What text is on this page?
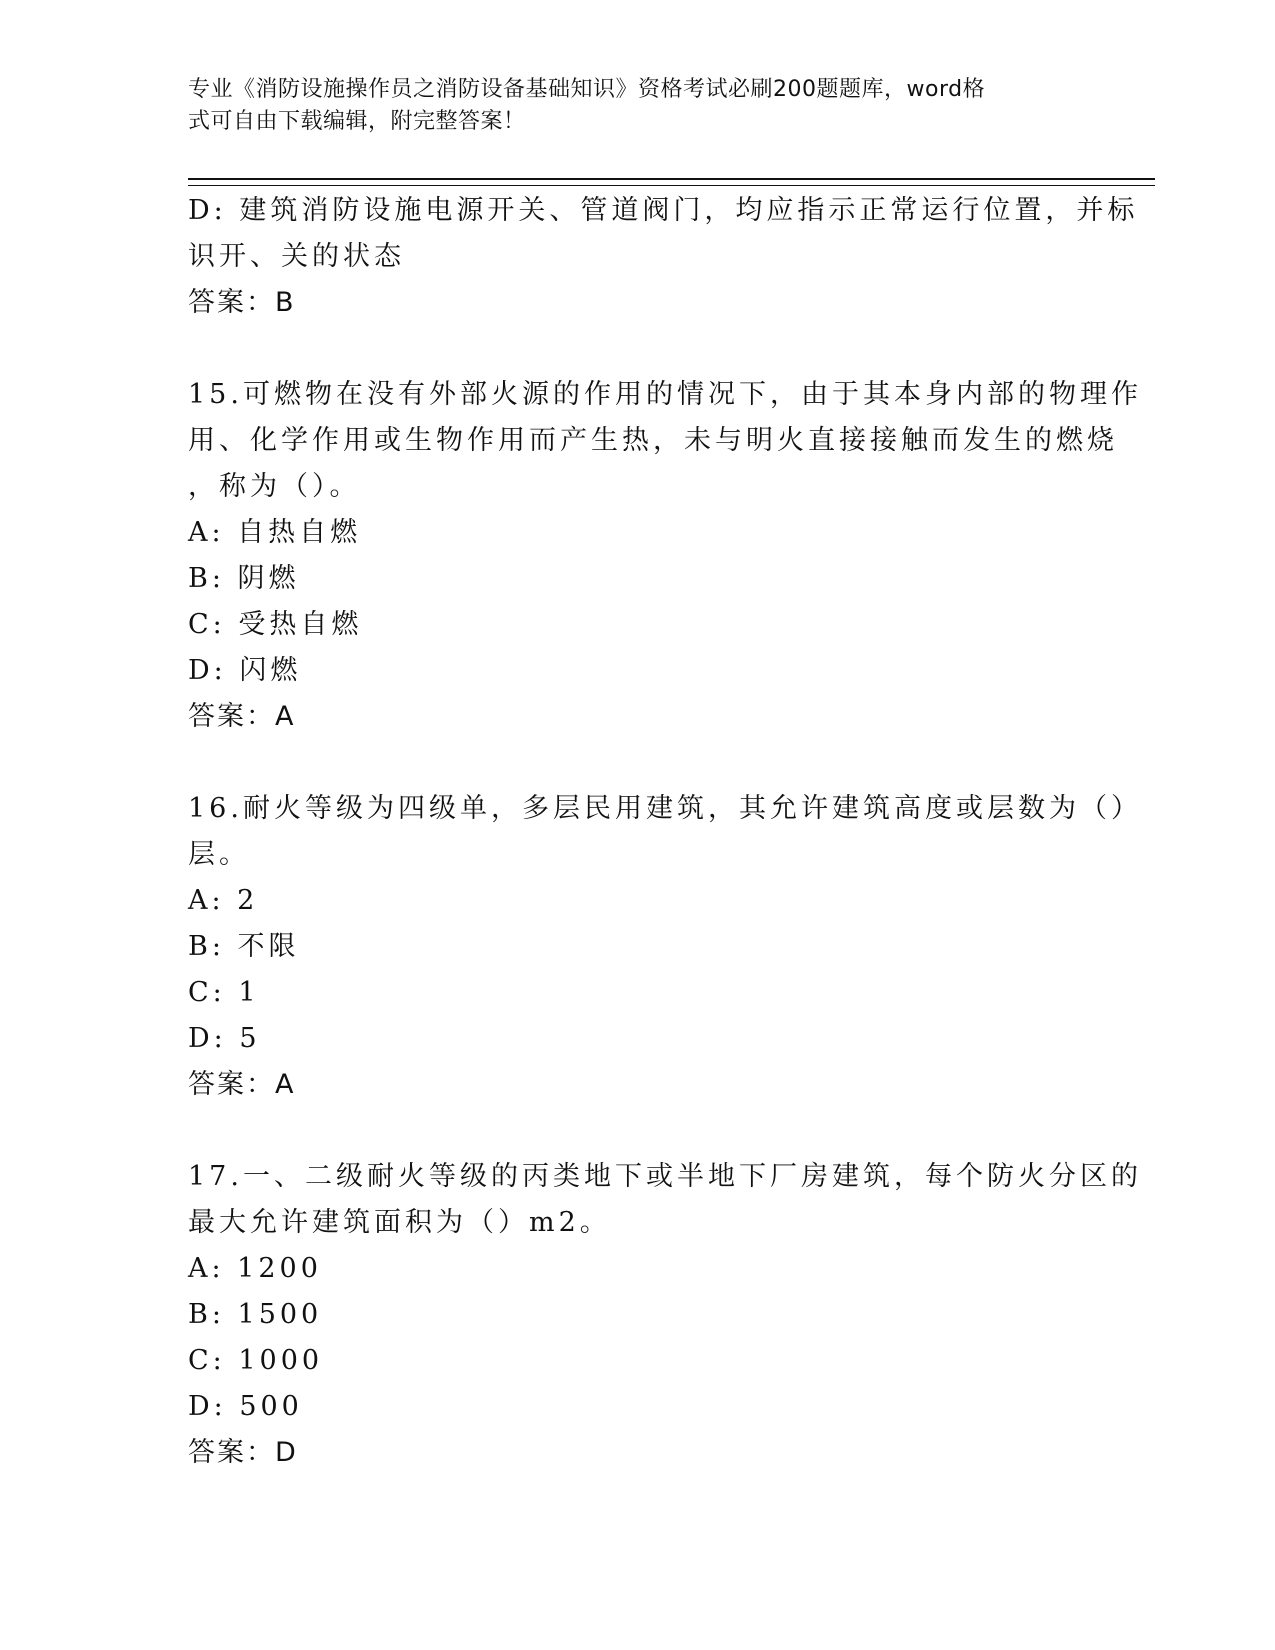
专业《消防设施操作员之消防设备基础知识》资格考试必刷200题题库，word格
式可自由下载编辑，附完整答案！
D: 建筑消防设施电源开关、管道阀门，均应指示正常运行位置，并标
识开、关的状态
答案：B
15.可燃物在没有外部火源的作用的情况下，由于其本身内部的物理作
用、化学作用或生物作用而产生热，未与明火直接接触而发生的燃烧
，称为（）。
A: 自热自燃
B: 阴燃
C: 受热自燃
D: 闪燃
答案：A
16.耐火等级为四级单，多层民用建筑，其允许建筑高度或层数为（）
层。
A: 2
B: 不限
C: 1
D: 5
答案：A
17.一、二级耐火等级的丙类地下或半地下厂房建筑，每个防火分区的
最大允许建筑面积为（）m2。
A: 1200
B: 1500
C: 1000
D: 500
答案：D
